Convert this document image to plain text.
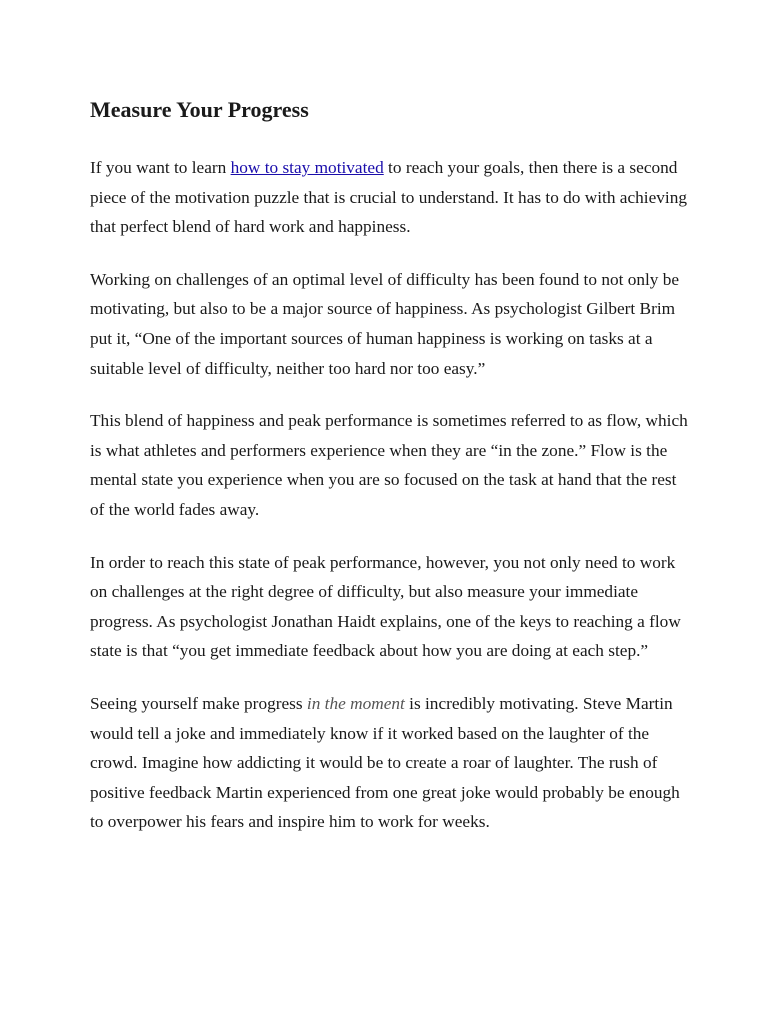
Measure Your Progress

If you want to learn how to stay motivated to reach your goals, then there is a second piece of the motivation puzzle that is crucial to understand. It has to do with achieving that perfect blend of hard work and happiness.

Working on challenges of an optimal level of difficulty has been found to not only be motivating, but also to be a major source of happiness. As psychologist Gilbert Brim put it, “One of the important sources of human happiness is working on tasks at a suitable level of difficulty, neither too hard nor too easy.”

This blend of happiness and peak performance is sometimes referred to as flow, which is what athletes and performers experience when they are “in the zone.” Flow is the mental state you experience when you are so focused on the task at hand that the rest of the world fades away.

In order to reach this state of peak performance, however, you not only need to work on challenges at the right degree of difficulty, but also measure your immediate progress. As psychologist Jonathan Haidt explains, one of the keys to reaching a flow state is that “you get immediate feedback about how you are doing at each step.”

Seeing yourself make progress in the moment is incredibly motivating. Steve Martin would tell a joke and immediately know if it worked based on the laughter of the crowd. Imagine how addicting it would be to create a roar of laughter. The rush of positive feedback Martin experienced from one great joke would probably be enough to overpower his fears and inspire him to work for weeks.
